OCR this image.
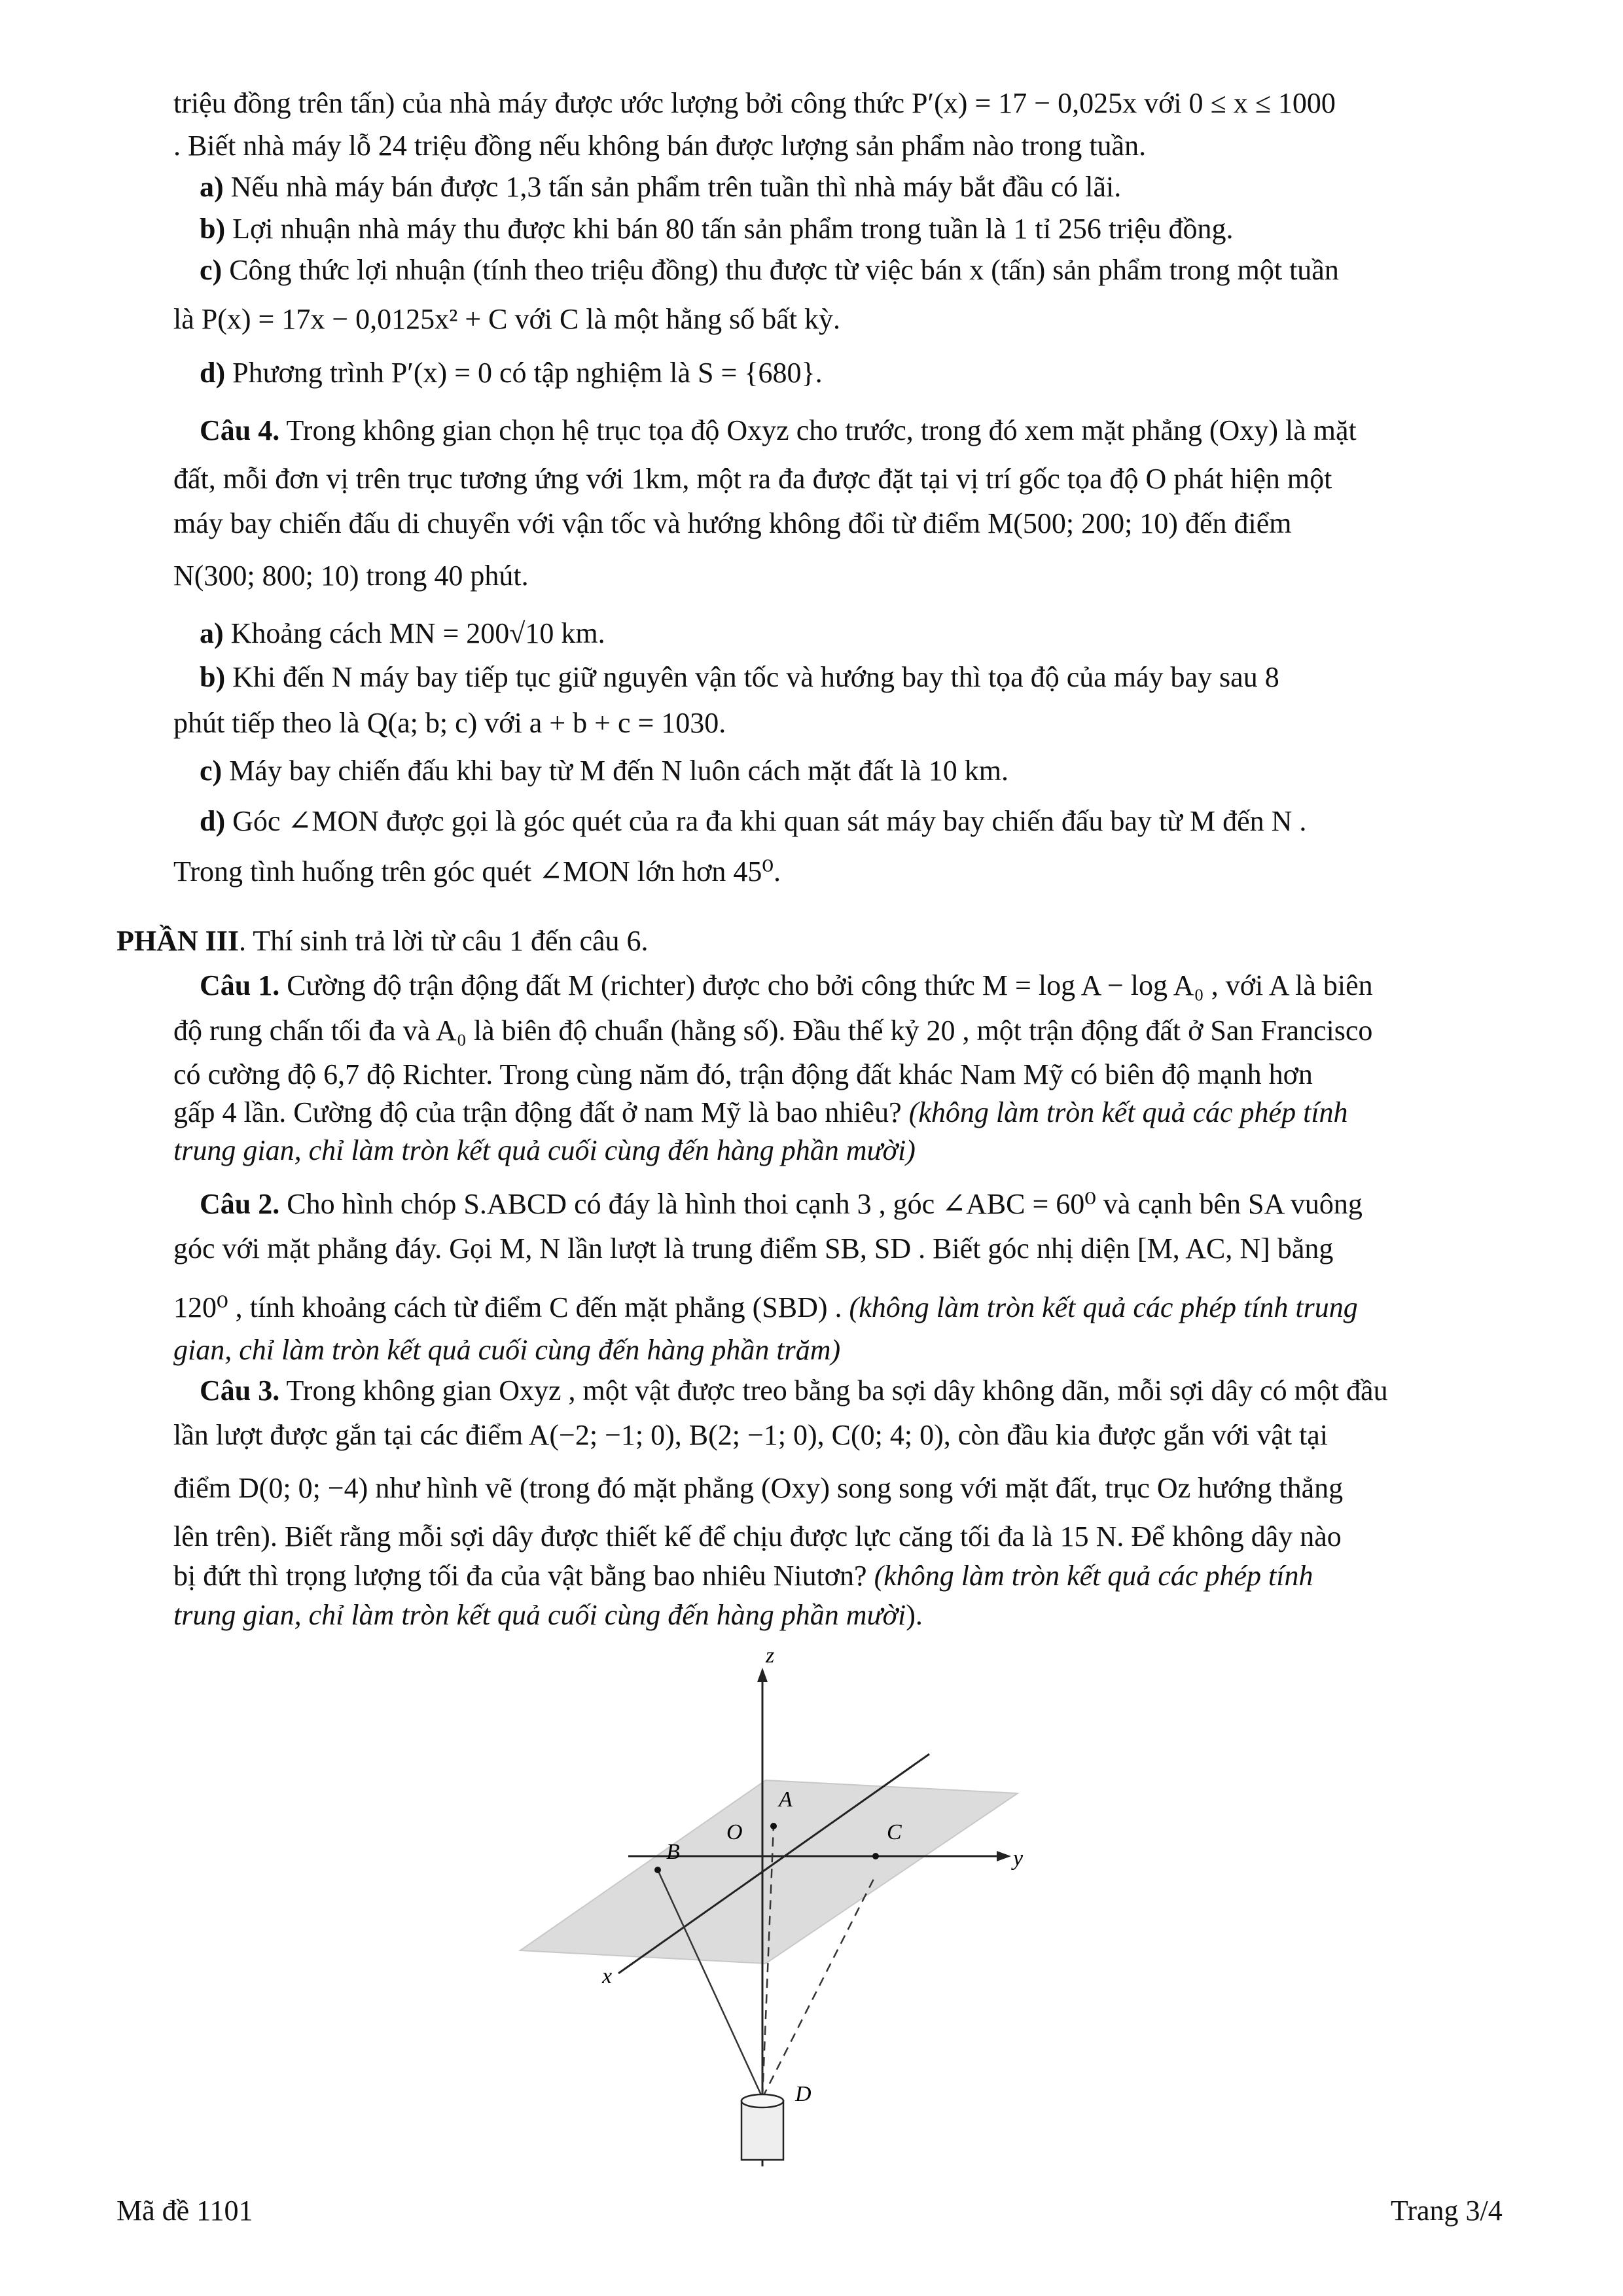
triệu đồng trên tấn) của nhà máy được ước lượng bởi công thức P′(x) = 17 − 0,025x với 0 ≤ x ≤ 1000
. Biết nhà máy lỗ 24 triệu đồng nếu không bán được lượng sản phẩm nào trong tuần.
a) Nếu nhà máy bán được 1,3 tấn sản phẩm trên tuần thì nhà máy bắt đầu có lãi.
b) Lợi nhuận nhà máy thu được khi bán 80 tấn sản phẩm trong tuần là 1 tỉ 256 triệu đồng.
c) Công thức lợi nhuận (tính theo triệu đồng) thu được từ việc bán x (tấn) sản phẩm trong một tuần
là P(x) = 17x − 0,0125x² + C với C là một hằng số bất kỳ.
d) Phương trình P′(x) = 0 có tập nghiệm là S = {680}.
Câu 4. Trong không gian chọn hệ trục tọa độ Oxyz cho trước, trong đó xem mặt phẳng (Oxy) là mặt
đất, mỗi đơn vị trên trục tương ứng với 1km, một ra đa được đặt tại vị trí gốc tọa độ O phát hiện một
máy bay chiến đấu di chuyển với vận tốc và hướng không đổi từ điểm M(500; 200; 10) đến điểm
N(300; 800; 10) trong 40 phút.
a) Khoảng cách MN = 200√10 km.
b) Khi đến N máy bay tiếp tục giữ nguyên vận tốc và hướng bay thì tọa độ của máy bay sau 8
phút tiếp theo là Q(a; b; c) với a + b + c = 1030.
c) Máy bay chiến đấu khi bay từ M đến N luôn cách mặt đất là 10 km.
d) Góc ∠MON được gọi là góc quét của ra đa khi quan sát máy bay chiến đấu bay từ M đến N .
Trong tình huống trên góc quét ∠MON lớn hơn 45⁰.
PHẦN III. Thí sinh trả lời từ câu 1 đến câu 6.
Câu 1. Cường độ trận động đất M (richter) được cho bởi công thức M = log A − log A₀ , với A là biên
độ rung chấn tối đa và A₀ là biên độ chuẩn (hằng số). Đầu thế kỷ 20 , một trận động đất ở San Francisco
có cường độ 6,7 độ Richter. Trong cùng năm đó, trận động đất khác Nam Mỹ có biên độ mạnh hơn
gấp 4 lần. Cường độ của trận động đất ở nam Mỹ là bao nhiêu? (không làm tròn kết quả các phép tính
trung gian, chỉ làm tròn kết quả cuối cùng đến hàng phần mười)
Câu 2. Cho hình chóp S.ABCD có đáy là hình thoi cạnh 3 , góc ∠ABC = 60⁰ và cạnh bên SA vuông
góc với mặt phẳng đáy. Gọi M, N lần lượt là trung điểm SB, SD . Biết góc nhị diện [M, AC, N] bằng
120⁰ , tính khoảng cách từ điểm C đến mặt phẳng (SBD) . (không làm tròn kết quả các phép tính trung
gian, chỉ làm tròn kết quả cuối cùng đến hàng phần trăm)
Câu 3. Trong không gian Oxyz , một vật được treo bằng ba sợi dây không dãn, mỗi sợi dây có một đầu
lần lượt được gắn tại các điểm A(−2; −1; 0), B(2; −1; 0), C(0; 4; 0), còn đầu kia được gắn với vật tại
điểm D(0; 0; −4) như hình vẽ (trong đó mặt phẳng (Oxy) song song với mặt đất, trục Oz hướng thẳng
lên trên). Biết rằng mỗi sợi dây được thiết kế để chịu được lực căng tối đa là 15 N. Để không dây nào
bị đứt thì trọng lượng tối đa của vật bằng bao nhiêu Niutơn? (không làm tròn kết quả các phép tính
trung gian, chỉ làm tròn kết quả cuối cùng đến hàng phần mười).
z
y
x
O
A
B
C
D
Mã đề 1101	Trang 3/4
